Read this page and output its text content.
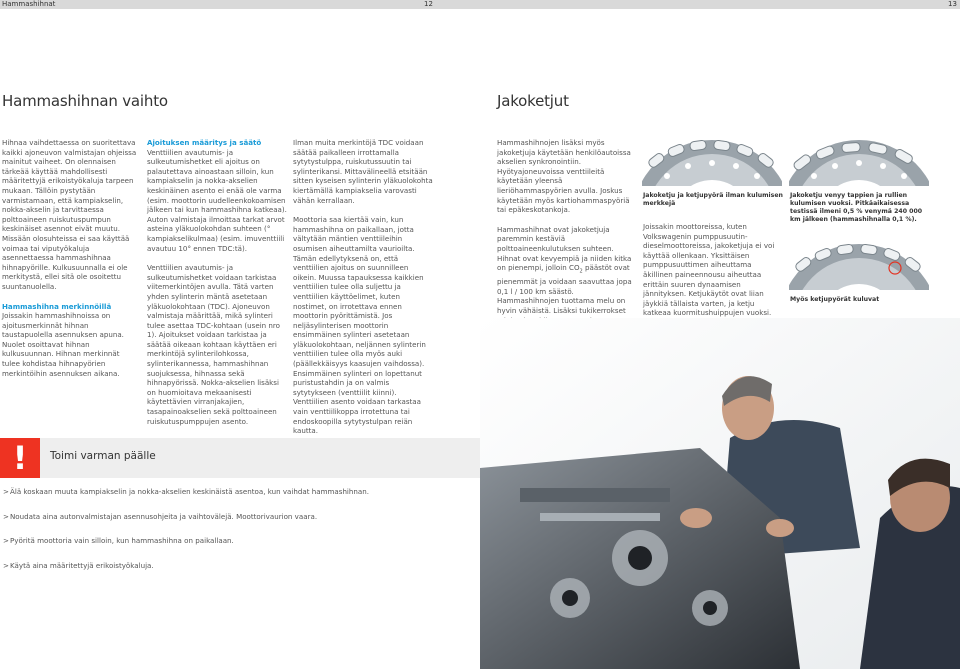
Hammashihnat	12	13
Hammashihnan vaihto	Jakoketjut

Hihnaa vaihdettaessa on suoritettava kaikki ajoneuvon valmistajan ohjeissa mainitut vaiheet. On olennaisen tärkeää käyttää mahdollisesti määritettyjä erikoistyökaluja tarpeen mukaan. Tällöin pystytään varmistamaan, että kampiakselin, nokka-akselin ja tarvittaessa polttoaineen ruiskutuspumpun keskinäiset asennot eivät muutu. Missään olosuhteissa ei saa käyttää voimaa tai viputyökaluja asennettaessa hammashihnaa hihnapyörille. Kulkusuunnalla ei ole merkitystä, ellei sitä ole osoitettu suuntanuolella.

Hammashihna merkinnöillä

Joissakin hammashihnoissa on ajoitusmerkinnät hihnan taustapuolella asennuksen apuna. Nuolet osoittavat hihnan kulkusuunnan. Hihnan merkinnät tulee kohdistaa hihnapyörien merkintöihin asennuksen aikana.

Ajoituksen määritys ja säätö

Venttiilien avautumis- ja sulkeutumishetket eli ajoitus on palautettava ainoastaan silloin, kun kampiakselin ja nokka-akselien keskinäinen asento ei enää ole varma (esim. moottorin uudelleenkokoamisen jälkeen tai kun hammashihna katkeaa). Auton valmistaja ilmoittaa tarkat arvot asteina yläkuolokohdan suhteen (° kampiakselikulmaa) (esim. imuventtiili avautuu 10° ennen TDC:tä).

Venttiilien avautumis- ja sulkeutumishetket voidaan tarkistaa viitemerkintöjen avulla. Tätä varten yhden sylinterin mäntä asetetaan yläkuolokohtaan (TDC). Ajoneuvon valmistaja määrittää, mikä sylinteri tulee asettaa TDC-kohtaan (usein nro 1). Ajoitukset voidaan tarkistaa ja säätää oikeaan kohtaan käyttäen eri merkintöjä sylinterilohkossa, sylinterikannessa, hammashihnan suojuksessa, hihnassa sekä hihnapyörissä. Nokka-akselien lisäksi on huomioitava mekaanisesti käytettävien virranjakajien, tasapainoakselien sekä polttoaineen ruiskutuspumppujen asento.

Ilman muita merkintöjä TDC voidaan säätää paikalleen irrottamalla sytytystulppa, ruiskutussuutin tai sylinterikansi. Mittavälineellä etsitään sitten kyseisen sylinterin yläkuolokohta kiertämällä kampiakselia varovasti vähän kerrallaan.

Moottoria saa kiertää vain, kun hammashihna on paikallaan, jotta vältytään mäntien venttiileihin osumisen aiheuttamilta vaurioilta. Tämän edellytyksenä on, että venttiilien ajoitus on suunnilleen oikein. Muussa tapauksessa kaikkien venttiilien tulee olla suljettu ja venttiilien käyttöelimet, kuten nostimet, on irrotettava ennen moottorin pyörittämistä. Jos neljäsylinterisen moottorin ensimmäinen sylinteri asetetaan yläkuolokohtaan, neljännen sylinterin venttiilien tulee olla myös auki (päällekkäisyys kaasujen vaihdossa). Ensimmäinen sylinteri on lopettanut puristustahdin ja on valmis sytytykseen (venttiilit kiinni). Venttiilien asento voidaan tarkastaa vain venttiilikoppa irrotettuna tai endoskoopilla sytytystulpan reiän kautta.

Hammashihnojen lisäksi myös jakoketjuja käytetään henkilöautoissa akselien synkronointiin. Hyötyajoneuvoissa venttiileitä käytetään yleensä lieriöhammaspyörien avulla. Joskus käytetään myös kartiohammaspyöriä tai epäkeskotankoja.

Hammashihnat ovat jakoketjuja paremmin kestäviä polttoaineenkulutuksen suhteen. Hihnat ovat kevyempiä ja niiden kitka on pienempi, jolloin $CO_2$ päästöt ovat pienemmät ja voidaan saavuttaa jopa 0,1 l / 100 km säästö. Hammashihnojen tuottama melu on hyvin vähäistä. Lisäksi tukikerrokset

Jakoketju ja ketjupyörä ilman kulumisen merkkejä

Joissakin moottoreissa, kuten Volkswagenin pumppusuutin-dieselmoottoreissa, jakoketjuja ei voi käyttää ollenkaan. Yksittäisen pumppusuuttimen aiheuttama äkillinen paineennousu aiheuttaa erittäin suuren dynaamisen jännityksen. Ketjukäytöt ovat liian jäykkiä tällaista varten, ja ketju katkeaa kuormitushuippujen vuoksi.

Jakoketju venyy tappien ja rullien kulumisen vuoksi. Pitkäaikaisessa testissä ilmeni 0,5 % venymä 240 000 km jälkeen (hammashihnalla 0,1 %).
Myös ketjupyörät kuluvat
!	Toimi varman päälle
> Älä koskaan muuta kampiakselin ja nokka-akselien keskinäistä asentoa, kun vaihdat hammashihnan.
> Noudata aina autonvalmistajan asennusohjeita ja vaihtovälejä. Moottorivaurion vaara.
> Pyöritä moottoria vain silloin, kun hammashihna on paikallaan.
> Käytä aina määritettyjä erikoistyökaluja.
